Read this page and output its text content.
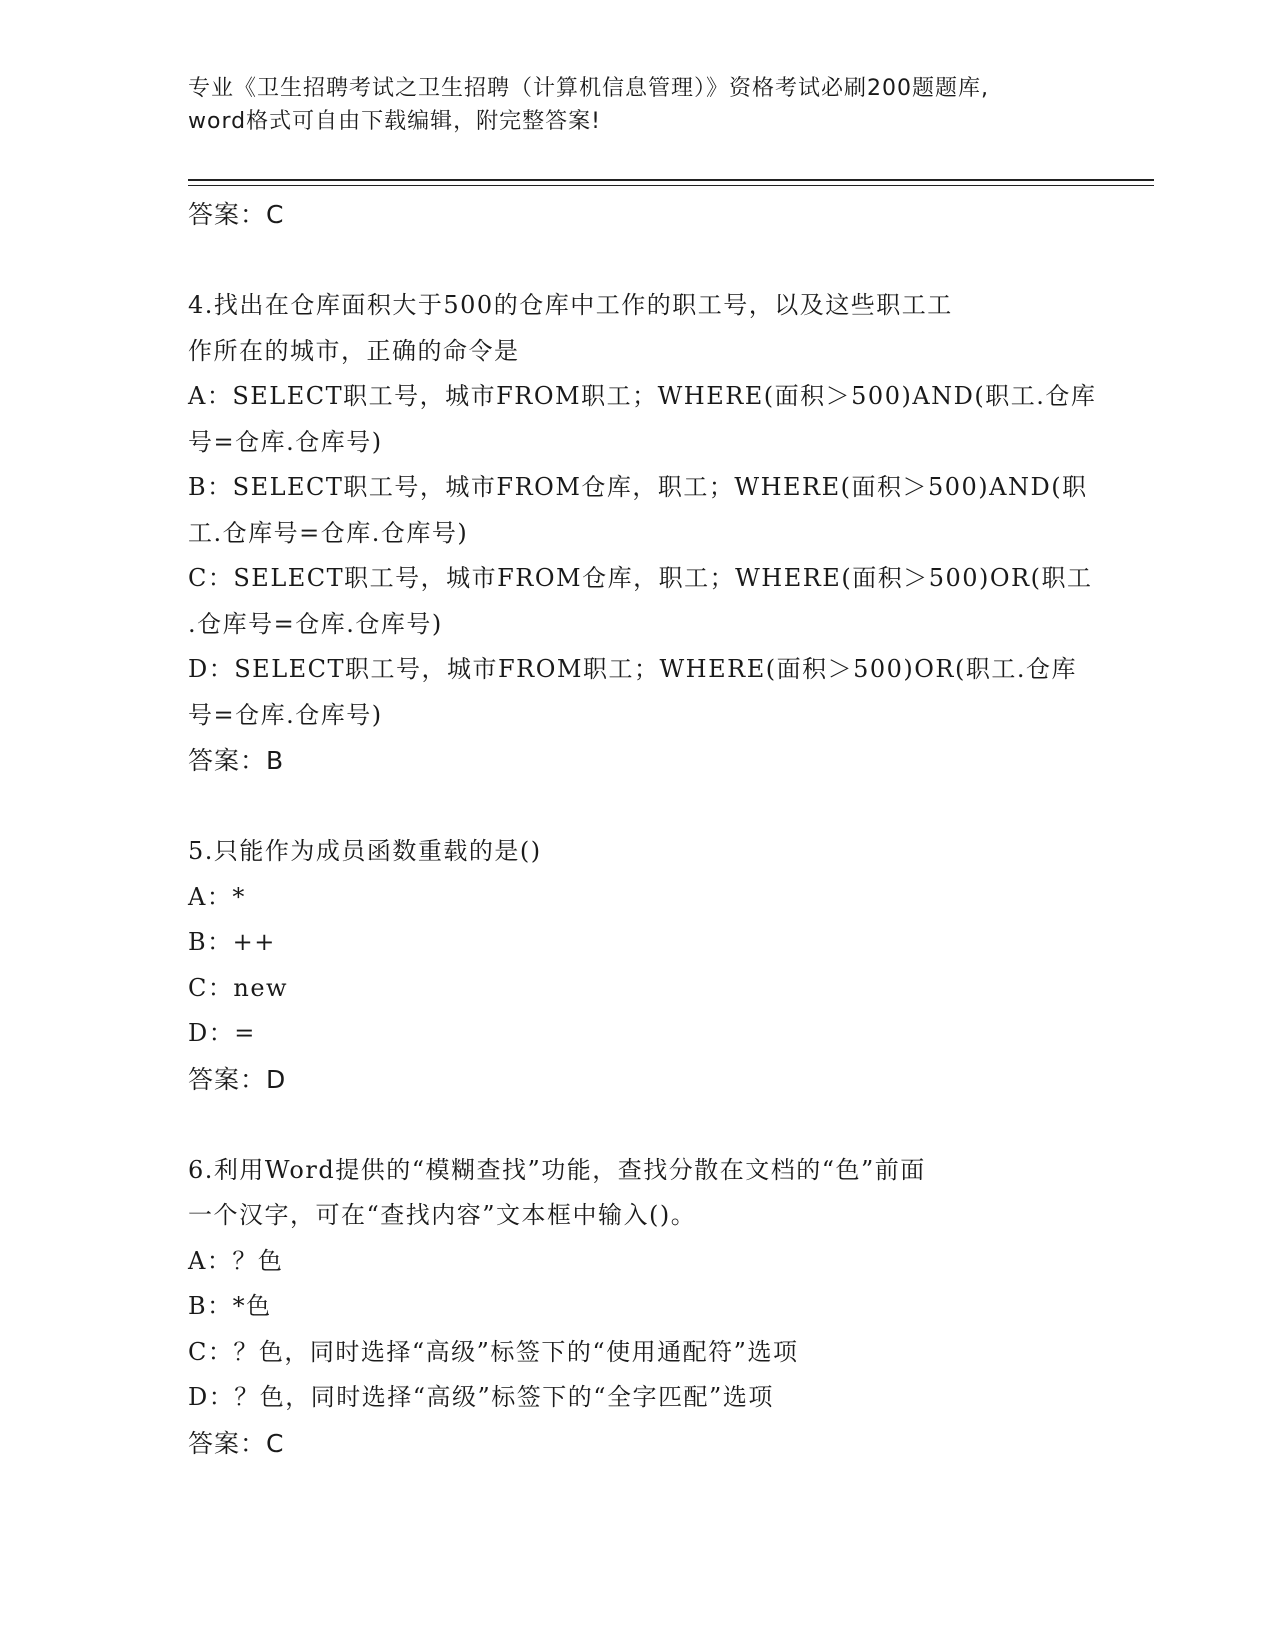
专业《卫生招聘考试之卫生招聘（计算机信息管理）》资格考试必刷200题题库,
word格式可自由下载编辑，附完整答案!
答案：C
4.找出在仓库面积大于500的仓库中工作的职工号，以及这些职工工
作所在的城市，正确的命令是
A：SELECT职工号，城市FROM职工；WHERE(面积＞500)AND(职工.仓库
号=仓库.仓库号)
B：SELECT职工号，城市FROM仓库，职工；WHERE(面积＞500)AND(职
工.仓库号=仓库.仓库号)
C：SELECT职工号，城市FROM仓库，职工；WHERE(面积＞500)OR(职工
.仓库号=仓库.仓库号)
D：SELECT职工号，城市FROM职工；WHERE(面积＞500)OR(职工.仓库
号=仓库.仓库号)
答案：B
5.只能作为成员函数重载的是()
A：*
B：++
C：new
D：=
答案：D
6.利用Word提供的“模糊查找”功能，查找分散在文档的“色”前面
一个汉字，可在“查找内容”文本框中输入()。
A：？色
B：*色
C：？色，同时选择“高级”标签下的“使用通配符”选项
D：？色，同时选择“高级”标签下的“全字匹配”选项
答案：C
